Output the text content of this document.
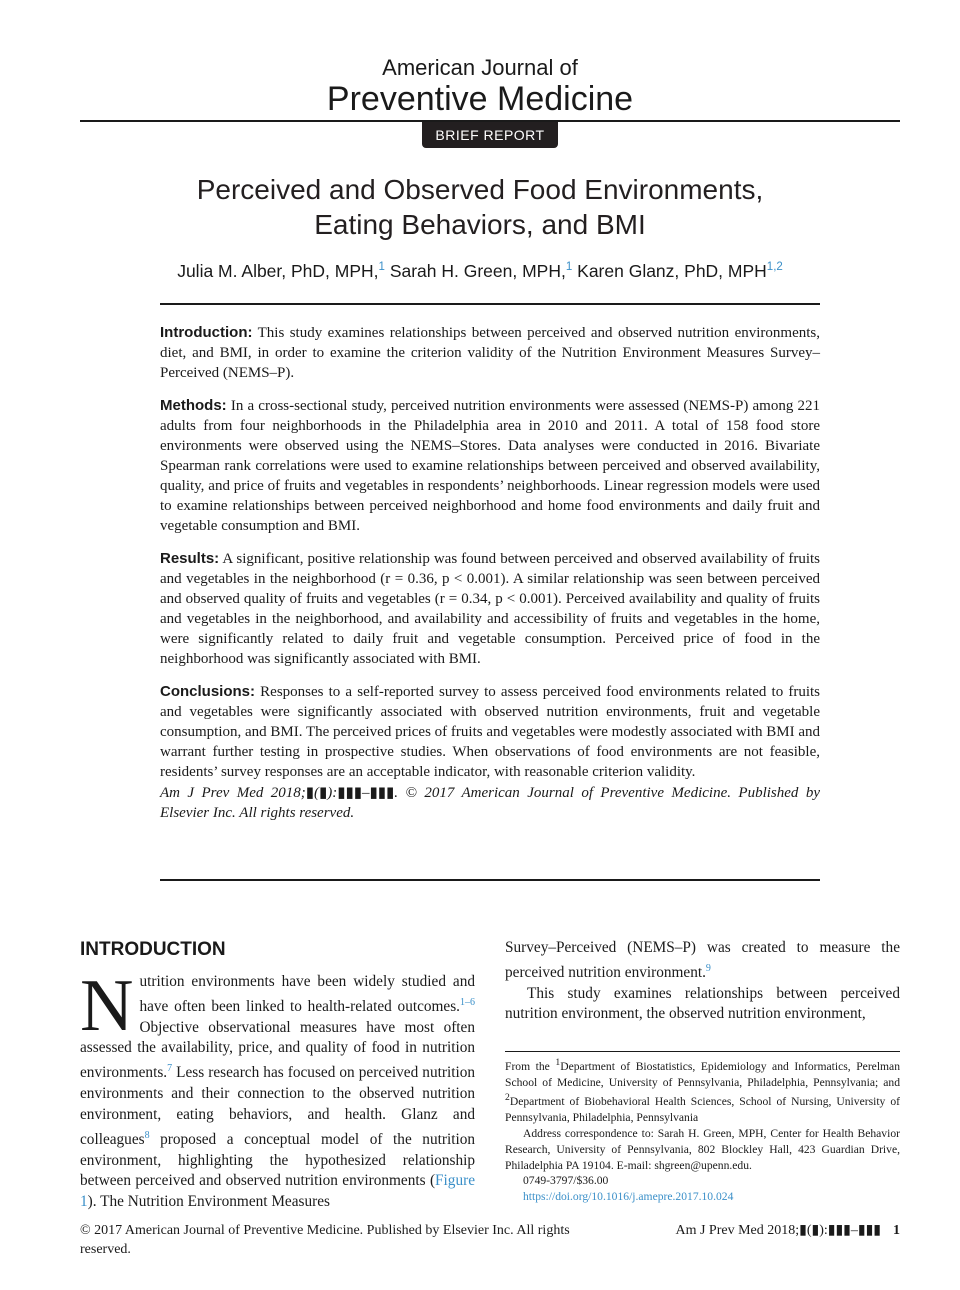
American Journal of
Preventive Medicine
BRIEF REPORT
Perceived and Observed Food Environments,
Eating Behaviors, and BMI
Julia M. Alber, PhD, MPH,$^1$ Sarah H. Green, MPH,$^1$ Karen Glanz, PhD, MPH$^{1,2}$

Introduction: This study examines relationships between perceived and observed nutrition environments, diet, and BMI, in order to examine the criterion validity of the Nutrition Environment Measures Survey–Perceived (NEMS–P).

Methods: In a cross-sectional study, perceived nutrition environments were assessed (NEMS-P) among 221 adults from four neighborhoods in the Philadelphia area in 2010 and 2011. A total of 158 food store environments were observed using the NEMS–Stores. Data analyses were conducted in 2016. Bivariate Spearman rank correlations were used to examine relationships between perceived and observed availability, quality, and price of fruits and vegetables in respondents’ neighborhoods. Linear regression models were used to examine relationships between perceived neighborhood and home food environments and daily fruit and vegetable consumption and BMI.

Results: A significant, positive relationship was found between perceived and observed availability of fruits and vegetables in the neighborhood (r = 0.36, p < 0.001). A similar relationship was seen between perceived and observed quality of fruits and vegetables (r = 0.34, p < 0.001). Perceived availability and quality of fruits and vegetables in the neighborhood, and availability and accessibility of fruits and vegetables in the home, were significantly related to daily fruit and vegetable consumption. Perceived price of food in the neighborhood was significantly associated with BMI.

Conclusions: Responses to a self-reported survey to assess perceived food environments related to fruits and vegetables were significantly associated with observed nutrition environments, fruit and vegetable consumption, and BMI. The perceived prices of fruits and vegetables were modestly associated with BMI and warrant further testing in prospective studies. When observations of food environments are not feasible, residents’ survey responses are an acceptable indicator, with reasonable criterion validity.

Am J Prev Med 2018;▮(▮):▮▮▮–▮▮▮. © 2017 American Journal of Preventive Medicine. Published by Elsevier Inc. All rights reserved.

INTRODUCTION

Nutrition environments have been widely studied and have often been linked to health-related outcomes.$^{1-6}$ Objective observational measures have most often assessed the availability, price, and quality of food in nutrition environments.$^7$ Less research has focused on perceived nutrition environments and their connection to the observed nutrition environment, eating behaviors, and health. Glanz and colleagues$^8$ proposed a conceptual model of the nutrition environment, highlighting the hypothesized relationship between perceived and observed nutrition environments (Figure 1). The Nutrition Environment Measures

Survey–Perceived (NEMS–P) was created to measure the perceived nutrition environment.$^9$

This study examines relationships between perceived nutrition environment, the observed nutrition environment,

From the $^1$Department of Biostatistics, Epidemiology and Informatics, Perelman School of Medicine, University of Pennsylvania, Philadelphia, Pennsylvania; and $^2$Department of Biobehavioral Health Sciences, School of Nursing, University of Pennsylvania, Philadelphia, Pennsylvania

Address correspondence to: Sarah H. Green, MPH, Center for Health Behavior Research, University of Pennsylvania, 802 Blockley Hall, 423 Guardian Drive, Philadelphia PA 19104. E-mail: shgreen@upenn.edu.

0749-3797/$36.00

https://doi.org/10.1016/j.amepre.2017.10.024

© 2017 American Journal of Preventive Medicine. Published by Elsevier Inc. All rights reserved.
Am J Prev Med 2018;▮(▮):▮▮▮–▮▮▮ 1
